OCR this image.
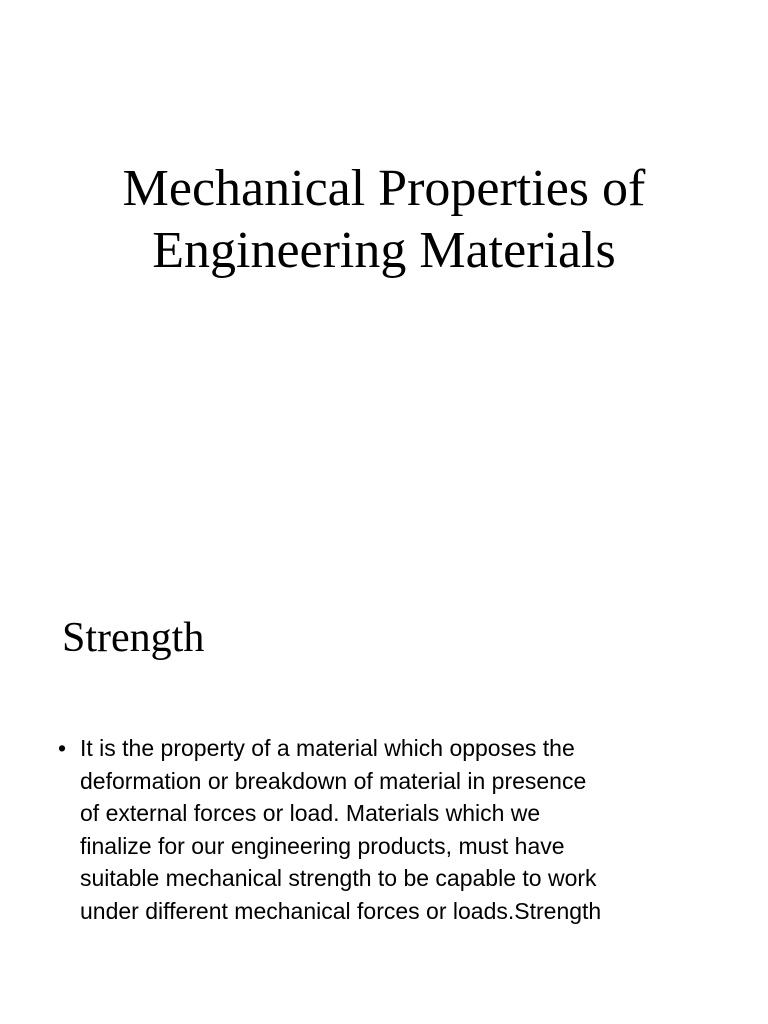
Mechanical Properties of
Engineering Materials
Strength
• It is the property of a material which opposes the
deformation or breakdown of material in presence
of external forces or load. Materials which we
finalize for our engineering products, must have
suitable mechanical strength to be capable to work
under different mechanical forces or loads.Strength
